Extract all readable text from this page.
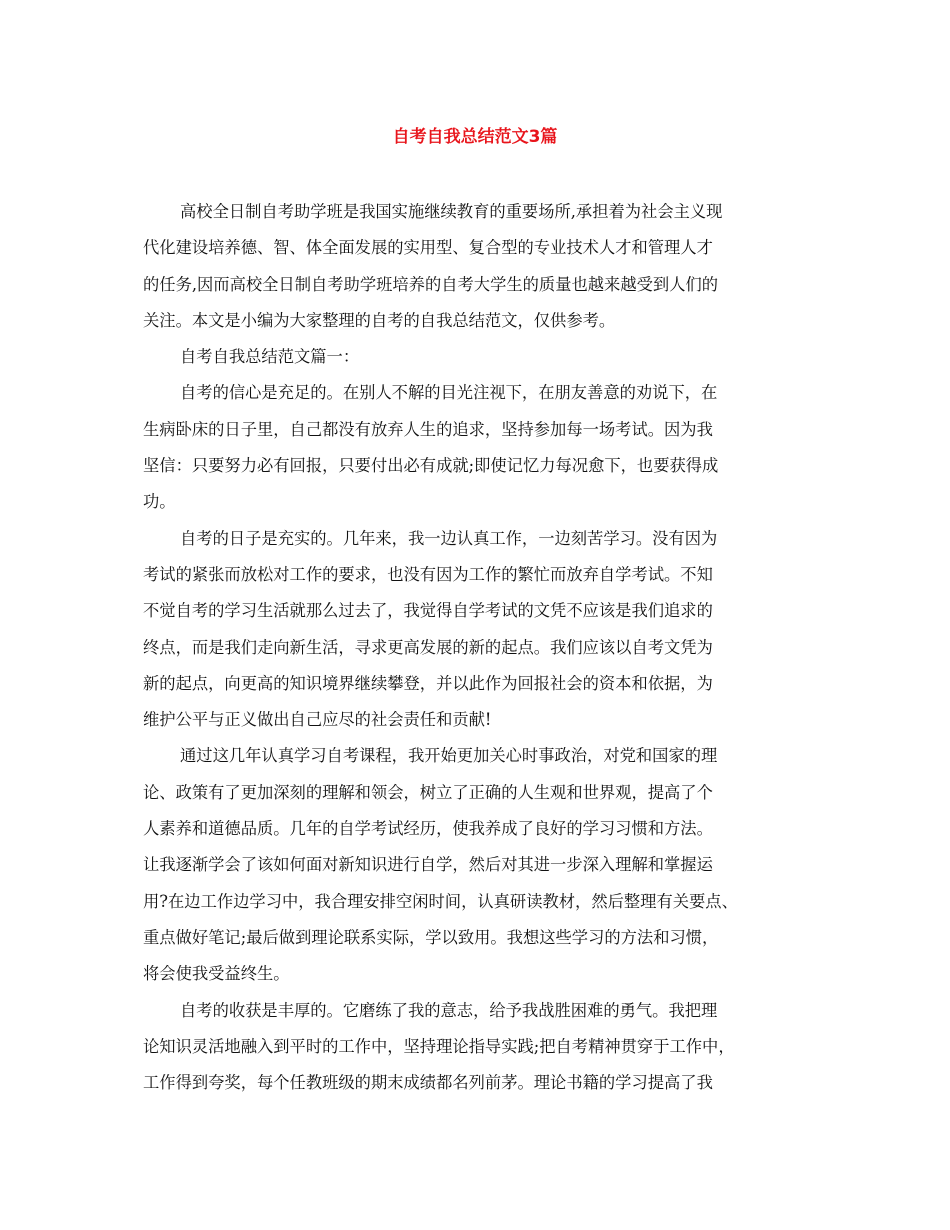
自考自我总结范文3篇
高校全日制自考助学班是我国实施继续教育的重要场所,承担着为社会主义现
代化建设培养德、智、体全面发展的实用型、复合型的专业技术人才和管理人才
的任务,因而高校全日制自考助学班培养的自考大学生的质量也越来越受到人们的
关注。本文是小编为大家整理的自考的自我总结范文，仅供参考。
自考自我总结范文篇一：
自考的信心是充足的。在别人不解的目光注视下，在朋友善意的劝说下，在
生病卧床的日子里，自己都没有放弃人生的追求，坚持参加每一场考试。因为我
坚信：只要努力必有回报，只要付出必有成就;即使记忆力每况愈下，也要获得成
功。
自考的日子是充实的。几年来，我一边认真工作，一边刻苦学习。没有因为
考试的紧张而放松对工作的要求，也没有因为工作的繁忙而放弃自学考试。不知
不觉自考的学习生活就那么过去了，我觉得自学考试的文凭不应该是我们追求的
终点，而是我们走向新生活，寻求更高发展的新的起点。我们应该以自考文凭为
新的起点，向更高的知识境界继续攀登，并以此作为回报社会的资本和依据，为
维护公平与正义做出自己应尽的社会责任和贡献!
通过这几年认真学习自考课程，我开始更加关心时事政治，对党和国家的理
论、政策有了更加深刻的理解和领会，树立了正确的人生观和世界观，提高了个
人素养和道德品质。几年的自学考试经历，使我养成了良好的学习习惯和方法。
让我逐渐学会了该如何面对新知识进行自学，然后对其进一步深入理解和掌握运
用?在边工作边学习中，我合理安排空闲时间，认真研读教材，然后整理有关要点、
重点做好笔记;最后做到理论联系实际，学以致用。我想这些学习的方法和习惯，
将会使我受益终生。
自考的收获是丰厚的。它磨练了我的意志，给予我战胜困难的勇气。我把理
论知识灵活地融入到平时的工作中，坚持理论指导实践;把自考精神贯穿于工作中，
工作得到夸奖，每个任教班级的期末成绩都名列前茅。理论书籍的学习提高了我
